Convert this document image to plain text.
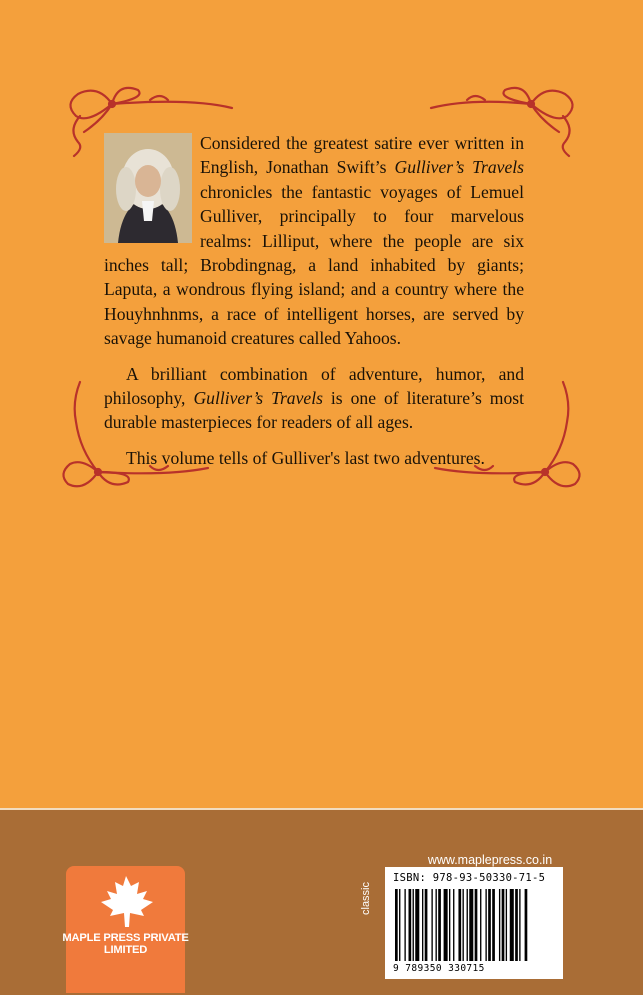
Considered the greatest satire ever written in English, Jonathan Swift’s Gulliver’s Travels chronicles the fantastic voyages of Lemuel Gulliver, principally to four marvelous realms: Lilliput, where the people are six inches tall; Brobdingnag, a land inhabited by giants; Laputa, a wondrous flying island; and a country where the Houyhnhnms, a race of intelligent horses, are served by savage humanoid creatures called Yahoos.

A brilliant combination of adventure, humor, and philosophy, Gulliver’s Travels is one of literature’s most durable masterpieces for readers of all ages.

This volume tells of Gulliver's last two adventures.

MAPLE PRESS PRIVATE LIMITED
www.maplepress.co.in
classic
ISBN: 978-93-50330-71-5
9 789350 330715
